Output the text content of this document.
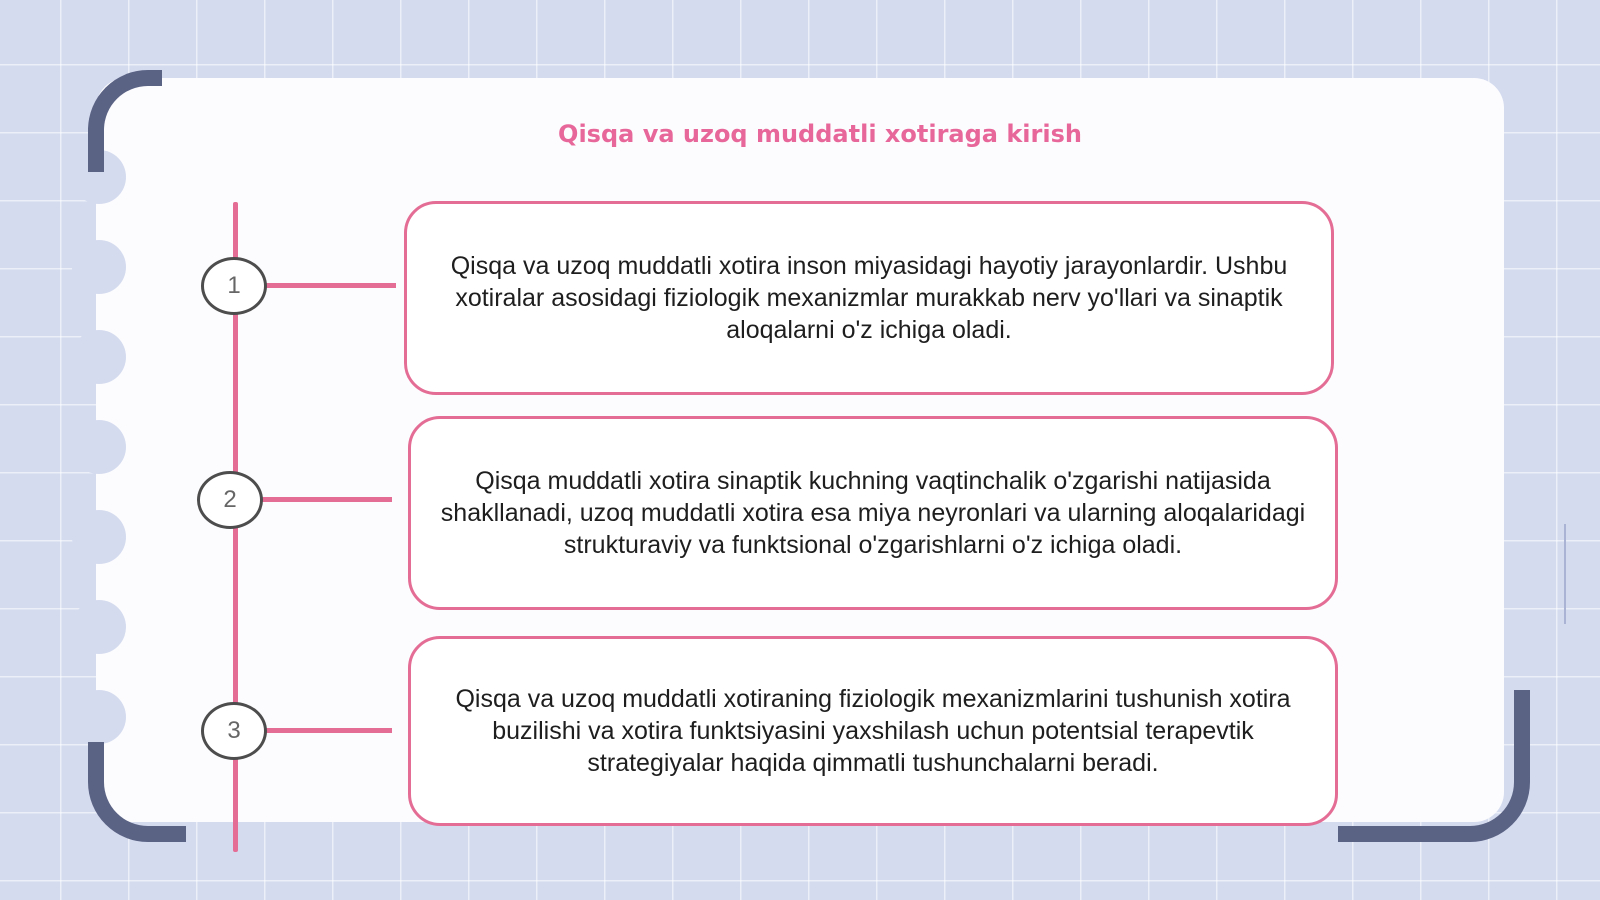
Qisqa va uzoq muddatli xotiraga kirish
1
2
3
Qisqa va uzoq muddatli xotira inson miyasidagi hayotiy jarayonlardir. Ushbu xotiralar asosidagi fiziologik mexanizmlar murakkab nerv yo'llari va sinaptik aloqalarni o'z ichiga oladi.
Qisqa muddatli xotira sinaptik kuchning vaqtinchalik o'zgarishi natijasida shakllanadi, uzoq muddatli xotira esa miya neyronlari va ularning aloqalaridagi strukturaviy va funktsional o'zgarishlarni o'z ichiga oladi.
Qisqa va uzoq muddatli xotiraning fiziologik mexanizmlarini tushunish xotira buzilishi va xotira funktsiyasini yaxshilash uchun potentsial terapevtik strategiyalar haqida qimmatli tushunchalarni beradi.
